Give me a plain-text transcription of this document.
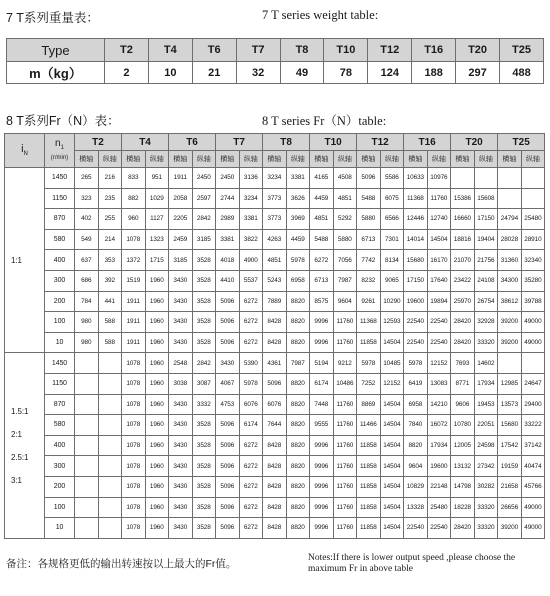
7 T系列重量表：	7 T series weight table:
Type	T2	T4	T6	T7	T8	T10	T12	T16	T20	T25
m（kg）	2	10	21	32	49	78	124	188	297	488
8 T系列Fr（N）表：	8 T series Fr（N）table:
$i_N$	$n_1$
(r/min)	T2		T4		T6		T7		T8		T10		T12		T16		T20		T25	
		横轴	纵轴	横轴	纵轴	横轴	纵轴	横轴	纵轴	横轴	纵轴	横轴	纵轴	横轴	纵轴	横轴	纵轴	横轴	纵轴	横轴	纵轴
1:1	1450	265	216	833	951	1911	2450	2450	3136	3234	3381	4165	4508	5096	5586	10633	10976				
	1150	323	235	882	1029	2058	2597	2744	3234	3773	3626	4459	4851	5488	6075	11368	11760	15386	15608		
	870	402	255	960	1127	2205	2842	2989	3381	3773	3969	4851	5292	5880	6566	12446	12740	16660	17150	24794	25480
	580	549	214	1078	1323	2459	3185	3381	3822	4263	4459	5488	5880	6713	7301	14014	14504	18816	19404	28028	28910
	400	637	353	1372	1715	3185	3528	4018	4900	4851	5978	6272	7056	7742	8134	15680	16170	21070	21756	31360	32340
	300	686	392	1519	1960	3430	3528	4410	5537	5243	6958	6713	7987	8232	9065	17150	17640	23422	24108	34300	35280
	200	784	441	1911	1960	3430	3528	5096	6272	7889	8820	8575	9604	9261	10290	19600	19894	25970	26754	38612	39788
	100	980	588	1911	1960	3430	3528	5096	6272	8428	8820	9996	11760	11368	12593	22540	22540	28420	32928	39200	49000
	10	980	588	1911	1960	3430	3528	5096	6272	8428	8820	9996	11760	11858	14504	22540	22540	28420	33320	39200	49000

1.5:1
2:1
2.5:1
3:1	1450			1078	1960	2548	2842	3430	5390	4361	7987	5194	9212	5978	10485	5978	12152	7693	14602		
	1150			1078	1960	3038	3087	4067	5978	5096	8820	6174	10486	7252	12152	6419	13083	8771	17934	12985	24647
	870			1078	1960	3430	3332	4753	6076	6076	8820	7448	11760	8869	14504	6958	14210	9606	19453	13573	29400
	580			1078	1960	3430	3528	5096	6174	7644	8820	9555	11760	11466	14504	7840	16072	10780	22051	15680	33222
	400			1078	1960	3430	3528	5096	6272	8428	8820	9996	11760	11858	14504	8820	17934	12005	24598	17542	37142
	300			1078	1960	3430	3528	5096	6272	8428	8820	9996	11760	11858	14504	9604	19600	13132	27342	19159	40474
	200			1078	1960	3430	3528	5096	6272	8428	8820	9996	11760	11858	14504	10829	22148	14798	30282	21658	45766
	100			1078	1960	3430	3528	5096	6272	8428	8820	9996	11760	11858	14504	13328	25480	18228	33320	26656	49000
	10			1078	1960	3430	3528	5096	6272	8428	8820	9996	11760	11858	14504	22540	22540	28420	33320	39200	49000
备注：各规格更低的输出转速按以上最大的Fr值。	Notes:If there is lower output speed ,please choose the
maximum Fr in above table
